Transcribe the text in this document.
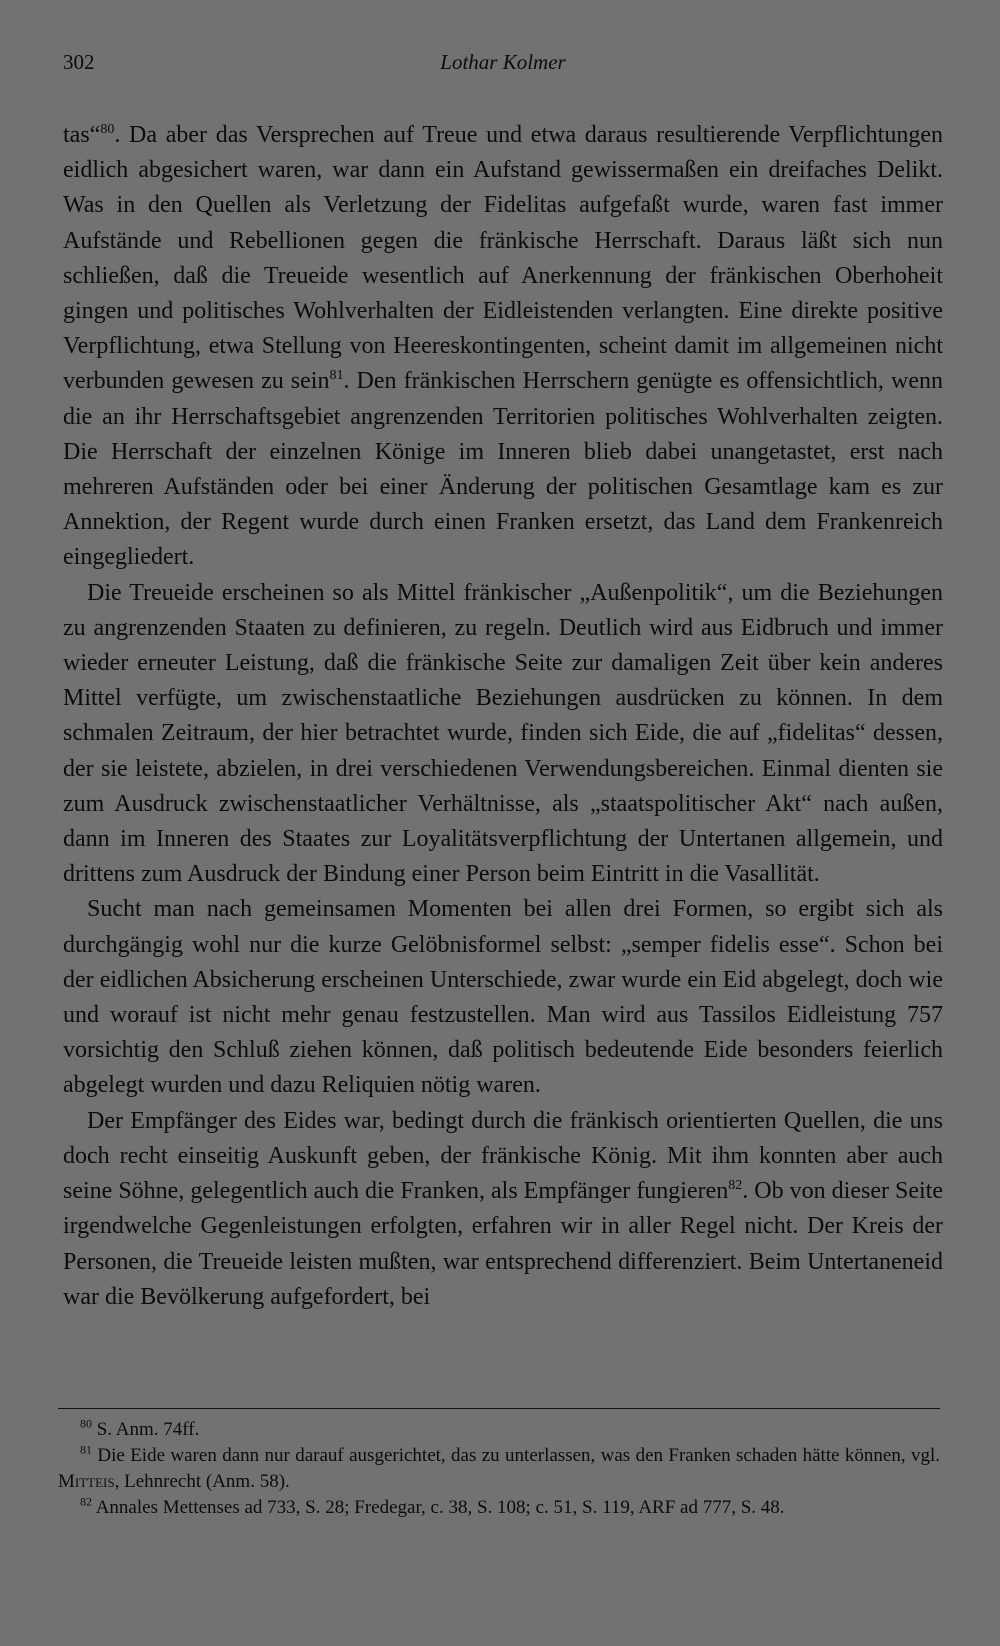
302	Lothar Kolmer

tas“$^{80}$. Da aber das Versprechen auf Treue und etwa daraus resultierende Verpflichtungen eidlich abgesichert waren, war dann ein Aufstand gewissermaßen ein dreifaches Delikt. Was in den Quellen als Verletzung der Fidelitas aufgefaßt wurde, waren fast immer Aufstände und Rebellionen gegen die fränkische Herrschaft. Daraus läßt sich nun schließen, daß die Treueide wesentlich auf Anerkennung der fränkischen Oberhoheit gingen und politisches Wohlverhalten der Eidleistenden verlangten. Eine direkte positive Verpflichtung, etwa Stellung von Heereskontingenten, scheint damit im allgemeinen nicht verbunden gewesen zu sein$^{81}$. Den fränkischen Herrschern genügte es offensichtlich, wenn die an ihr Herrschaftsgebiet angrenzenden Territorien politisches Wohlverhalten zeigten. Die Herrschaft der einzelnen Könige im Inneren blieb dabei unangetastet, erst nach mehreren Aufständen oder bei einer Änderung der politischen Gesamtlage kam es zur Annektion, der Regent wurde durch einen Franken ersetzt, das Land dem Frankenreich eingegliedert.

Die Treueide erscheinen so als Mittel fränkischer „Außenpolitik“, um die Beziehungen zu angrenzenden Staaten zu definieren, zu regeln. Deutlich wird aus Eidbruch und immer wieder erneuter Leistung, daß die fränkische Seite zur damaligen Zeit über kein anderes Mittel verfügte, um zwischenstaatliche Beziehungen ausdrücken zu können. In dem schmalen Zeitraum, der hier betrachtet wurde, finden sich Eide, die auf „fidelitas“ dessen, der sie leistete, abzielen, in drei verschiedenen Verwendungsbereichen. Einmal dienten sie zum Ausdruck zwischenstaatlicher Verhältnisse, als „staatspolitischer Akt“ nach außen, dann im Inneren des Staates zur Loyalitätsverpflichtung der Untertanen allgemein, und drittens zum Ausdruck der Bindung einer Person beim Eintritt in die Vasallität.

Sucht man nach gemeinsamen Momenten bei allen drei Formen, so ergibt sich als durchgängig wohl nur die kurze Gelöbnisformel selbst: „semper fidelis esse“. Schon bei der eidlichen Absicherung erscheinen Unterschiede, zwar wurde ein Eid abgelegt, doch wie und worauf ist nicht mehr genau festzustellen. Man wird aus Tassilos Eidleistung 757 vorsichtig den Schluß ziehen können, daß politisch bedeutende Eide besonders feierlich abgelegt wurden und dazu Reliquien nötig waren.

Der Empfänger des Eides war, bedingt durch die fränkisch orientierten Quellen, die uns doch recht einseitig Auskunft geben, der fränkische König. Mit ihm konnten aber auch seine Söhne, gelegentlich auch die Franken, als Empfänger fungieren$^{82}$. Ob von dieser Seite irgendwelche Gegenleistungen erfolgten, erfahren wir in aller Regel nicht. Der Kreis der Personen, die Treueide leisten mußten, war entsprechend differenziert. Beim Untertaneneid war die Bevölkerung aufgefordert, bei

$^{80}$ S. Anm. 74ff.

$^{81}$ Die Eide waren dann nur darauf ausgerichtet, das zu unterlassen, was den Franken schaden hätte können, vgl. Mitteis, Lehnrecht (Anm. 58).

$^{82}$ Annales Mettenses ad 733, S. 28; Fredegar, c. 38, S. 108; c. 51, S. 119, ARF ad 777, S. 48.
